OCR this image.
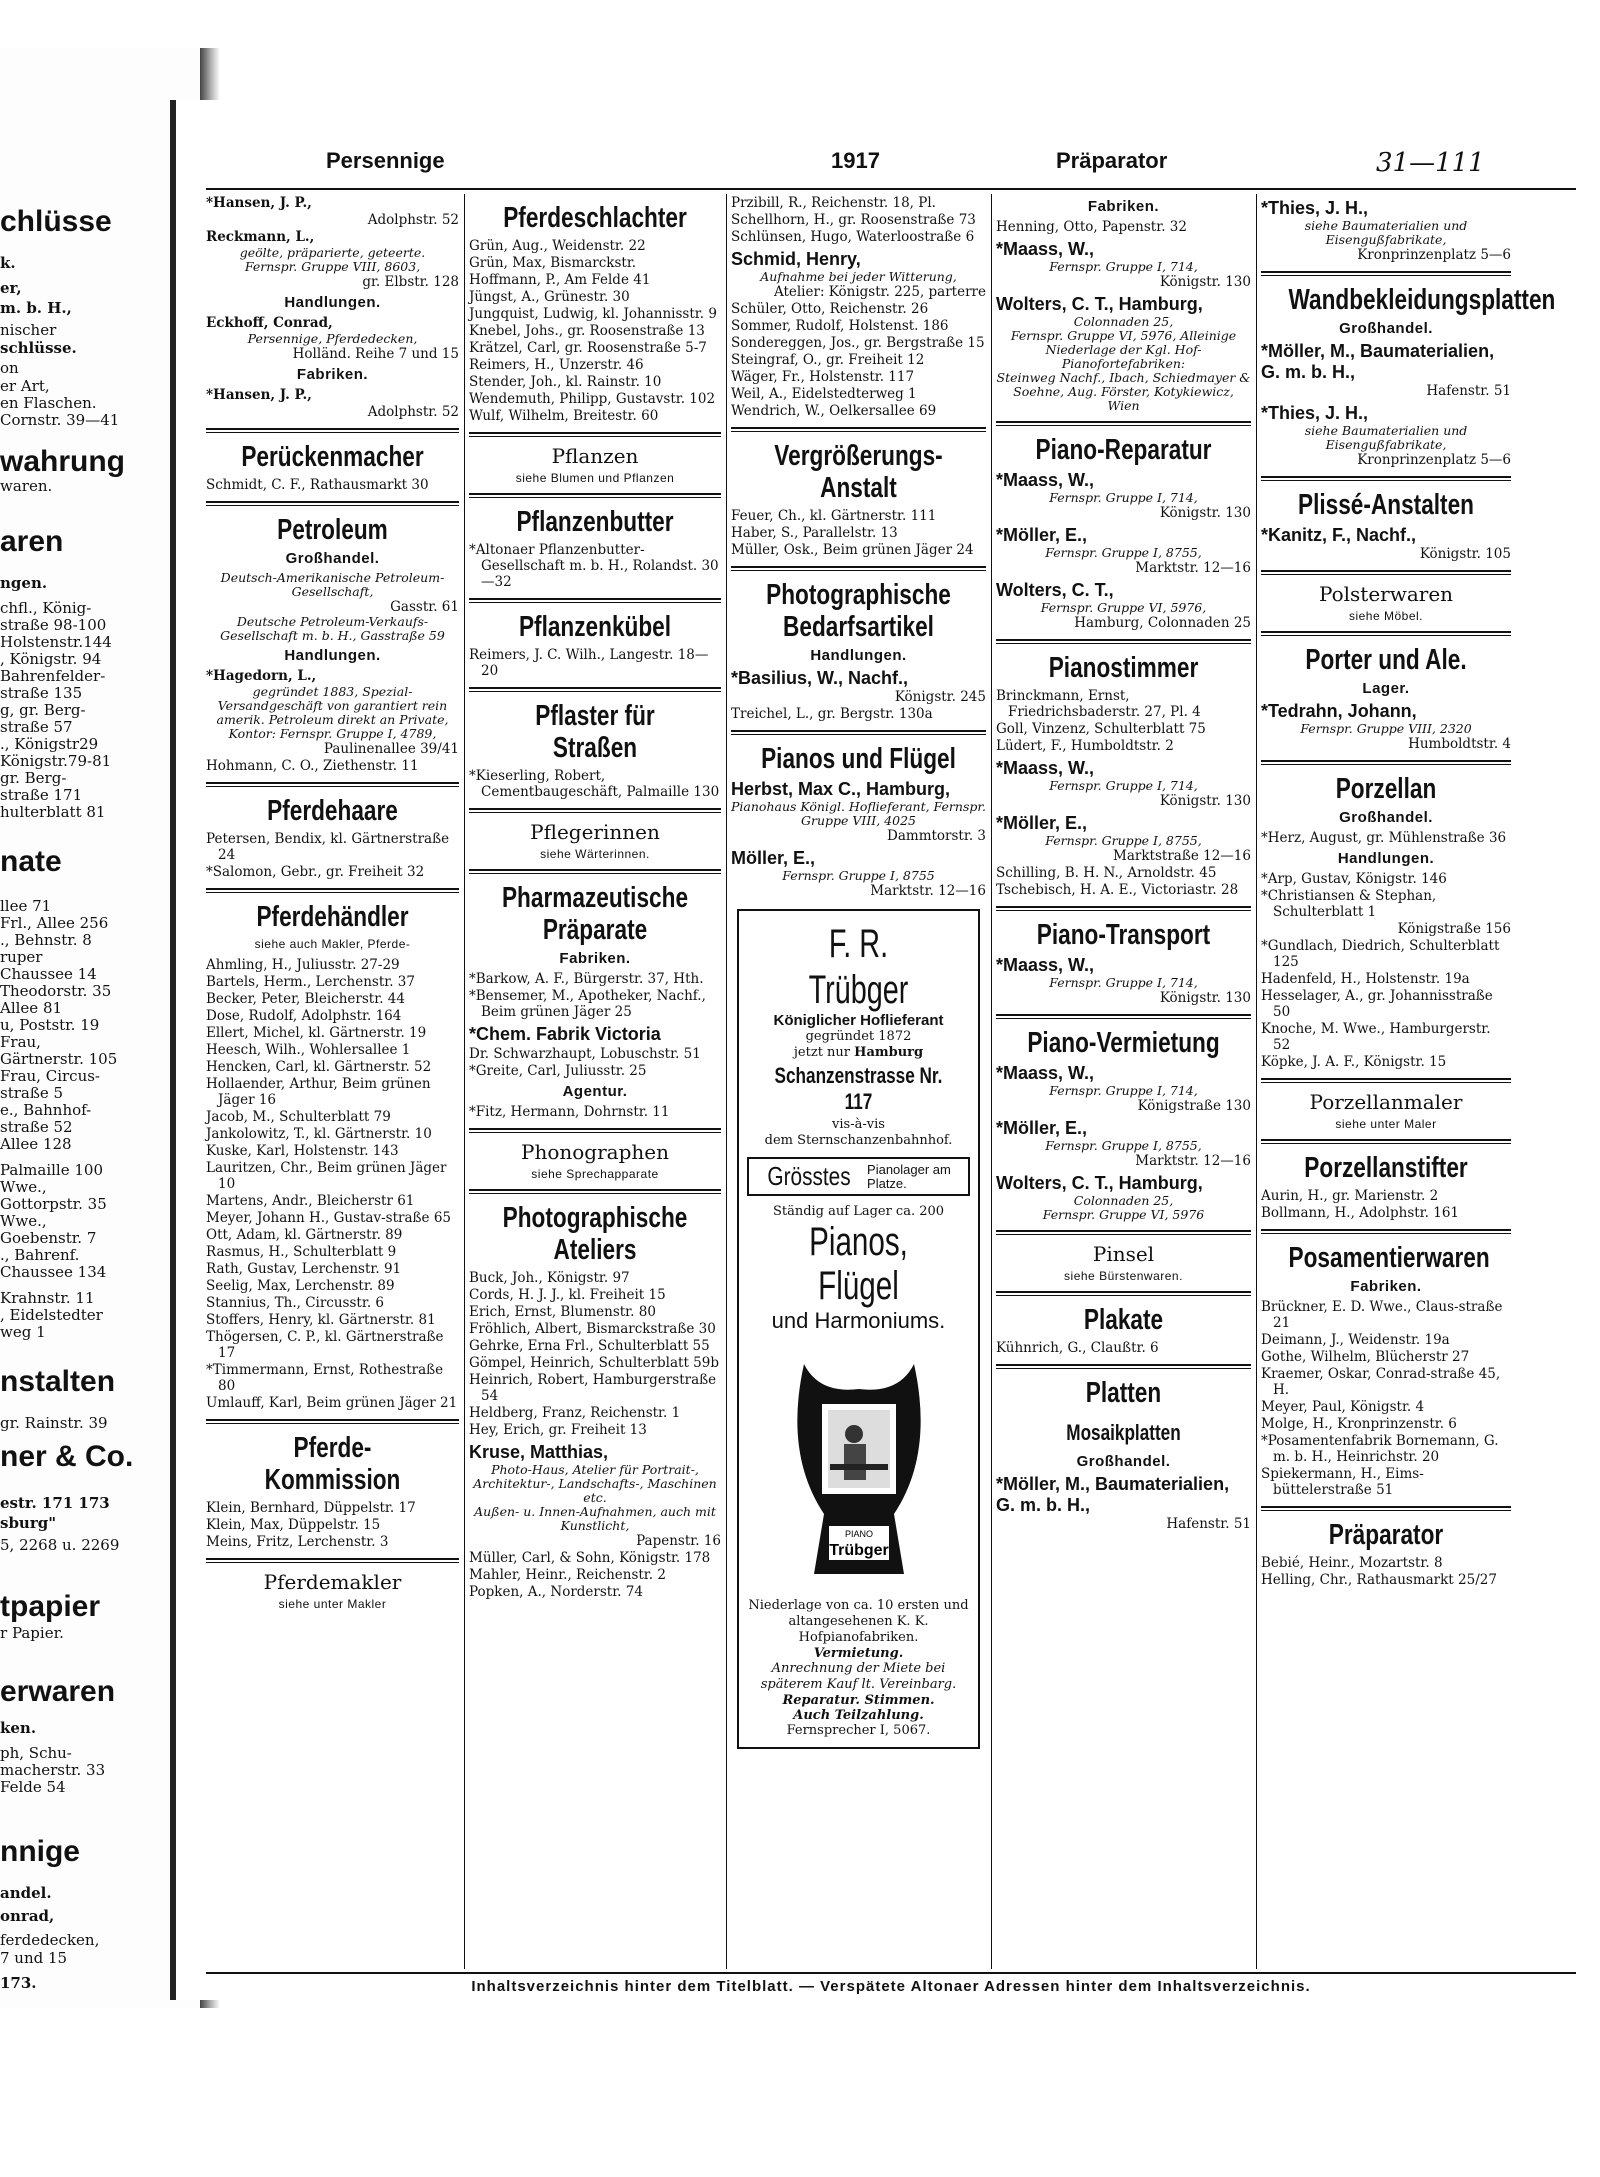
chlüsse
k.
er,
m. b. H.,
nischer
schlüsse.
on
er Art,
en Flaschen.
Cornstr. 39—41
wahrung
waren.
aren
ngen.
chfl., König-
straße 98-100
Holstenstr.144
, Königstr. 94
Bahrenfelder-
straße 135
g, gr. Berg-
straße 57
., Königstr29
Königstr.79-81
gr. Berg-
straße 171
hulterblatt 81
nate
llee 71
Frl., Allee 256
., Behnstr. 8
ruper
Chaussee 14
Theodorstr. 35
Allee 81
u, Poststr. 19
Frau,
Gärtnerstr. 105
Frau, Circus-
straße 5
e., Bahnhof-
straße 52
Allee 128
Palmaille 100
Wwe.,
Gottorpstr. 35
Wwe.,
Goebenstr. 7
., Bahrenf.
Chaussee 134
Krahnstr. 11
, Eidelstedter
weg 1
nstalten
gr. Rainstr. 39
ner & Co.
estr. 171 173
sburg"
5, 2268 u. 2269
tpapier
r Papier.
erwaren
ken.
ph, Schu-
macherstr. 33
Felde 54
nnige
andel.
onrad,
ferdedecken,
7 und 15
173.
Persennige	1917	Präparator	31—111
*Hansen, J. P.,
Adolphstr. 52
Reckmann, L.,
geölte, präparierte, geteerte.
Fernspr. Gruppe VIII, 8603,
gr. Elbstr. 128
Handlungen.
Eckhoff, Conrad,
Persennige, Pferdedecken,
Holländ. Reihe 7 und 15
Fabriken.
*Hansen, J. P.,
Adolphstr. 52
Perückenmacher
Schmidt, C. F., Rathausmarkt 30
Petroleum
Großhandel.
Deutsch-Amerikanische Petroleum-Gesellschaft,
Gasstr. 61
Deutsche Petroleum-Verkaufs-Gesellschaft m. b. H., Gasstraße 59
Handlungen.
*Hagedorn, L.,
gegründet 1883, Spezial-Versandgeschäft von garantiert rein amerik. Petroleum direkt an Private,
Kontor: Fernspr. Gruppe I, 4789,
Paulinenallee 39/41
Hohmann, C. O., Ziethenstr. 11
Pferdehaare
Petersen, Bendix, kl. Gärtnerstraße 24
*Salomon, Gebr., gr. Freiheit 32
Pferdehändler
siehe auch Makler, Pferde-
Ahmling, H., Juliusstr. 27-29
Bartels, Herm., Lerchenstr. 37
Becker, Peter, Bleicherstr. 44
Dose, Rudolf, Adolphstr. 164
Ellert, Michel, kl. Gärtnerstr. 19
Heesch, Wilh., Wohlersallee 1
Hencken, Carl, kl. Gärtnerstr. 52
Hollaender, Arthur, Beim grünen Jäger 16
Jacob, M., Schulterblatt 79
Jankolowitz, T., kl. Gärtnerstr. 10
Kuske, Karl, Holstenstr. 143
Lauritzen, Chr., Beim grünen Jäger 10
Martens, Andr., Bleicherstr 61
Meyer, Johann H., Gustav-straße 65
Ott, Adam, kl. Gärtnerstr. 89
Rasmus, H., Schulterblatt 9
Rath, Gustav, Lerchenstr. 91
Seelig, Max, Lerchenstr. 89
Stannius, Th., Circusstr. 6
Stoffers, Henry, kl. Gärtnerstr. 81
Thögersen, C. P., kl. Gärtnerstraße 17
*Timmermann, Ernst, Rothestraße 80
Umlauff, Karl, Beim grünen Jäger 21
Pferde-Kommission
Klein, Bernhard, Düppelstr. 17
Klein, Max, Düppelstr. 15
Meins, Fritz, Lerchenstr. 3
Pferdemakler
siehe unter Makler
Pferdeschlachter
Grün, Aug., Weidenstr. 22
Grün, Max, Bismarckstr.
Hoffmann, P., Am Felde 41
Jüngst, A., Grünestr. 30
Jungquist, Ludwig, kl. Johannisstr. 9
Knebel, Johs., gr. Roosenstraße 13
Krätzel, Carl, gr. Roosenstraße 5-7
Reimers, H., Unzerstr. 46
Stender, Joh., kl. Rainstr. 10
Wendemuth, Philipp, Gustavstr. 102
Wulf, Wilhelm, Breitestr. 60
Pflanzen
siehe Blumen und Pflanzen
Pflanzenbutter
*Altonaer Pflanzenbutter-Gesellschaft m. b. H., Rolandst. 30—32
Pflanzenkübel
Reimers, J. C. Wilh., Langestr. 18—20
Pflaster für Straßen
*Kieserling, Robert, Cementbaugeschäft, Palmaille 130
Pflegerinnen
siehe Wärterinnen.
Pharmazeutische Präparate
Fabriken.
*Barkow, A. F., Bürgerstr. 37, Hth.
*Bensemer, M., Apotheker, Nachf., Beim grünen Jäger 25
*Chem. Fabrik Victoria
Dr. Schwarzhaupt, Lobuschstr. 51
*Greite, Carl, Juliusstr. 25
Agentur.
*Fitz, Hermann, Dohrnstr. 11
Phonographen
siehe Sprechapparate
Photographische Ateliers
Buck, Joh., Königstr. 97
Cords, H. J. J., kl. Freiheit 15
Erich, Ernst, Blumenstr. 80
Fröhlich, Albert, Bismarckstraße 30
Gehrke, Erna Frl., Schulterblatt 55
Gömpel, Heinrich, Schulterblatt 59b
Heinrich, Robert, Hamburgerstraße 54
Heldberg, Franz, Reichenstr. 1
Hey, Erich, gr. Freiheit 13
Kruse, Matthias,
Photo-Haus, Atelier für Portrait-, Architektur-, Landschafts-, Maschinen etc.
Außen- u. Innen-Aufnahmen, auch mit Kunstlicht,
Papenstr. 16
Müller, Carl, & Sohn, Königstr. 178
Mahler, Heinr., Reichenstr. 2
Popken, A., Norderstr. 74
Przibill, R., Reichenstr. 18, Pl.
Schellhorn, H., gr. Roosenstraße 73
Schlünsen, Hugo, Waterloostraße 6
Schmid, Henry,
Aufnahme bei jeder Witterung,
Atelier: Königstr. 225, parterre
Schüler, Otto, Reichenstr. 26
Sommer, Rudolf, Holstenst. 186
Sondereggen, Jos., gr. Bergstraße 15
Steingraf, O., gr. Freiheit 12
Wäger, Fr., Holstenstr. 117
Weil, A., Eidelstedterweg 1
Wendrich, W., Oelkersallee 69
Vergrößerungs-Anstalt
Feuer, Ch., kl. Gärtnerstr. 111
Haber, S., Parallelstr. 13
Müller, Osk., Beim grünen Jäger 24
Photographische Bedarfsartikel
Handlungen.
*Basilius, W., Nachf.,
Königstr. 245
Treichel, L., gr. Bergstr. 130a
Pianos und Flügel
Herbst, Max C., Hamburg,
Pianohaus Königl. Hoflieferant, Fernspr. Gruppe VIII, 4025
Dammtorstr. 3
Möller, E.,
Fernspr. Gruppe I, 8755
Marktstr. 12—16
F. R. Trübger
Königlicher Hoflieferant
gegründet 1872
jetzt nur Hamburg
Schanzenstrasse Nr. 117
vis-à-vis
dem Sternschanzenbahnhof.
Grösstes Pianolager am Platze.
Ständig auf Lager ca. 200
Pianos, Flügel
und Harmoniums.
PIANO
Trübger
Niederlage von ca. 10 ersten und altangesehenen K. K. Hofpianofabriken.
Vermietung.
Anrechnung der Miete bei späterem Kauf lt. Vereinbarg.
Reparatur. Stimmen.
Auch Teilzahlung.
Fernsprecher I, 5067.
Fabriken.
Henning, Otto, Papenstr. 32
*Maass, W.,
Fernspr. Gruppe I, 714,
Königstr. 130
Wolters, C. T., Hamburg,
Colonnaden 25,
Fernspr. Gruppe VI, 5976, Alleinige Niederlage der Kgl. Hof-Pianofortefabriken:
Steinweg Nachf., Ibach, Schiedmayer & Soehne, Aug. Förster, Kotykiewicz, Wien
Piano-Reparatur
*Maass, W.,
Fernspr. Gruppe I, 714,
Königstr. 130
*Möller, E.,
Fernspr. Gruppe I, 8755,
Marktstr. 12—16
Wolters, C. T.,
Fernspr. Gruppe VI, 5976,
Hamburg, Colonnaden 25
Pianostimmer
Brinckmann, Ernst, Friedrichsbaderstr. 27, Pl. 4
Goll, Vinzenz, Schulterblatt 75
Lüdert, F., Humboldtstr. 2
*Maass, W.,
Fernspr. Gruppe I, 714,
Königstr. 130
*Möller, E.,
Fernspr. Gruppe I, 8755,
Marktstraße 12—16
Schilling, B. H. N., Arnoldstr. 45
Tschebisch, H. A. E., Victoriastr. 28
Piano-Transport
*Maass, W.,
Fernspr. Gruppe I, 714,
Königstr. 130
Piano-Vermietung
*Maass, W.,
Fernspr. Gruppe I, 714,
Königstraße 130
*Möller, E.,
Fernspr. Gruppe I, 8755,
Marktstr. 12—16
Wolters, C. T., Hamburg,
Colonnaden 25,
Fernspr. Gruppe VI, 5976
Pinsel
siehe Bürstenwaren.
Plakate
Kühnrich, G., Claußtr. 6
Platten
Mosaikplatten
Großhandel.
*Möller, M., Baumaterialien, G. m. b. H.,
Hafenstr. 51
*Thies, J. H.,
siehe Baumaterialien und Eisengußfabrikate,
Kronprinzenplatz 5—6
Wandbekleidungsplatten
Großhandel.
*Möller, M., Baumaterialien, G. m. b. H.,
Hafenstr. 51
*Thies, J. H.,
siehe Baumaterialien und Eisengußfabrikate,
Kronprinzenplatz 5—6
Plissé-Anstalten
*Kanitz, F., Nachf.,
Königstr. 105
Polsterwaren
siehe Möbel.
Porter und Ale.
Lager.
*Tedrahn, Johann,
Fernspr. Gruppe VIII, 2320
Humboldtstr. 4
Porzellan
Großhandel.
*Herz, August, gr. Mühlenstraße 36
Handlungen.
*Arp, Gustav, Königstr. 146
*Christiansen & Stephan, Schulterblatt 1
Königstraße 156
*Gundlach, Diedrich, Schulterblatt 125
Hadenfeld, H., Holstenstr. 19a
Hesselager, A., gr. Johannisstraße 50
Knoche, M. Wwe., Hamburgerstr. 52
Köpke, J. A. F., Königstr. 15
Porzellanmaler
siehe unter Maler
Porzellanstifter
Aurin, H., gr. Marienstr. 2
Bollmann, H., Adolphstr. 161
Posamentierwaren
Fabriken.
Brückner, E. D. Wwe., Claus-straße 21
Deimann, J., Weidenstr. 19a
Gothe, Wilhelm, Blücherstr 27
Kraemer, Oskar, Conrad-straße 45, H.
Meyer, Paul, Königstr. 4
Molge, H., Kronprinzenstr. 6
*Posamentenfabrik Bornemann, G. m. b. H., Heinrichstr. 20
Spiekermann, H., Eims-büttelerstraße 51
Präparator
Bebié, Heinr., Mozartstr. 8
Helling, Chr., Rathausmarkt 25/27
Inhaltsverzeichnis hinter dem Titelblatt. — Verspätete Altonaer Adressen hinter dem Inhaltsverzeichnis.
